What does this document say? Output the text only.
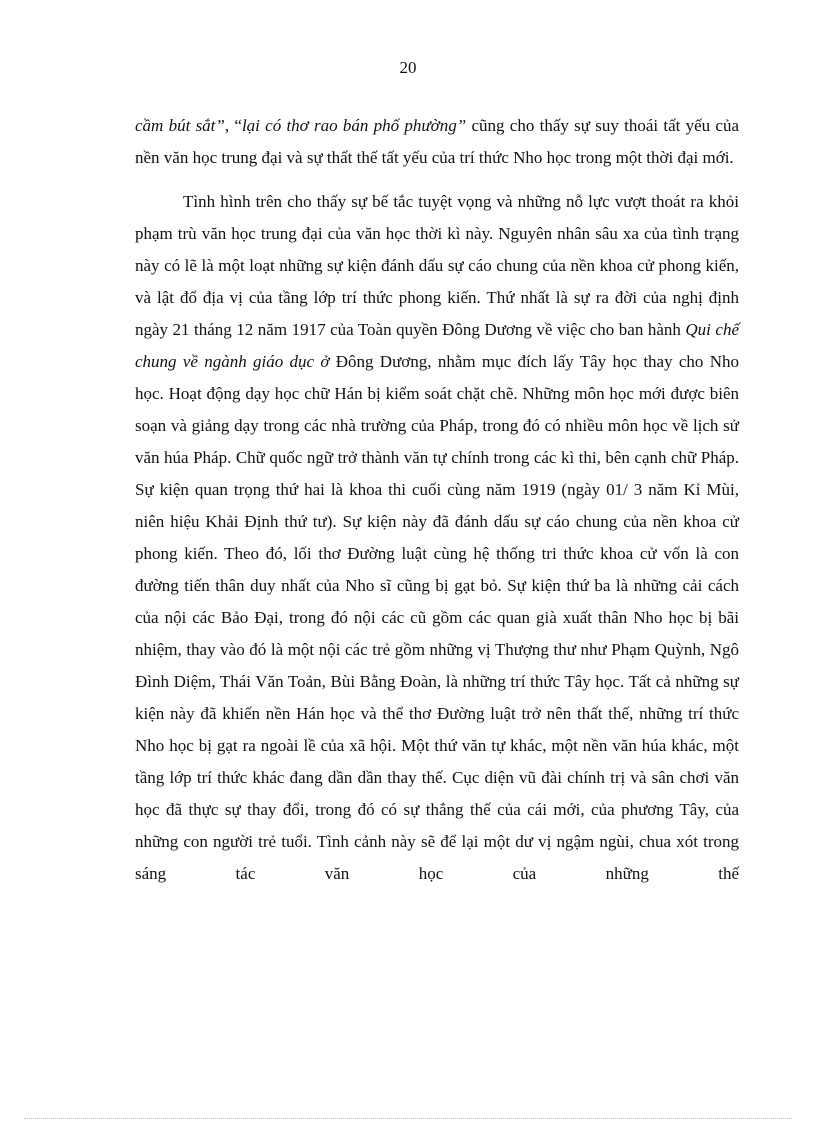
20

cầm bút sắt”, “lại có thơ rao bán phố phường” cũng cho thấy sự suy thoái tất yếu của nền văn học trung đại và sự thất thế tất yếu của trí thức Nho học trong một thời đại mới.

Tình hình trên cho thấy sự bế tắc tuyệt vọng và những nỗ lực vượt thoát ra khỏi phạm trù văn học trung đại của văn học thời kì này. Nguyên nhân sâu xa của tình trạng này có lẽ là một loạt những sự kiện đánh dấu sự cáo chung của nền khoa cử phong kiến, và lật đổ địa vị của tầng lớp trí thức phong kiến. Thứ nhất là sự ra đời của nghị định ngày 21 tháng 12 năm 1917 của Toàn quyền Đông Dương về việc cho ban hành Qui chế chung về ngành giáo dục ở Đông Dương, nhằm mục đích lấy Tây học thay cho Nho học. Hoạt động dạy học chữ Hán bị kiểm soát chặt chẽ. Những môn học mới được biên soạn và giảng dạy trong các nhà trường của Pháp, trong đó có nhiều môn học về lịch sử văn húa Pháp. Chữ quốc ngữ trở thành văn tự chính trong các kì thi, bên cạnh chữ Pháp. Sự kiện quan trọng thứ hai là khoa thi cuối cùng năm 1919 (ngày 01/ 3 năm Kỉ Mùi, niên hiệu Khải Định thứ tư). Sự kiện này đã đánh dấu sự cáo chung của nền khoa cử phong kiến. Theo đó, lối thơ Đường luật cùng hệ thống tri thức khoa cử vốn là con đường tiến thân duy nhất của Nho sĩ cũng bị gạt bỏ. Sự kiện thứ ba là những cải cách của nội các Bảo Đại, trong đó nội các cũ gồm các quan già xuất thân Nho học bị bãi nhiệm, thay vào đó là một nội các trẻ gồm những vị Thượng thư như Phạm Quỳnh, Ngô Đình Diệm, Thái Văn Toản, Bùi Bằng Đoàn, là những trí thức Tây học. Tất cả những sự kiện này đã khiến nền Hán học và thể thơ Đường luật trở nên thất thế, những trí thức Nho học bị gạt ra ngoài lề của xã hội. Một thứ văn tự khác, một nền văn húa khác, một tầng lớp trí thức khác đang dần dần thay thế. Cục diện vũ đài chính trị và sân chơi văn học đã thực sự thay đổi, trong đó có sự thắng thế của cái mới, của phương Tây, của những con người trẻ tuổi. Tình cảnh này sẽ để lại một dư vị ngậm ngùi, chua xót trong sáng tác văn học của những thế
